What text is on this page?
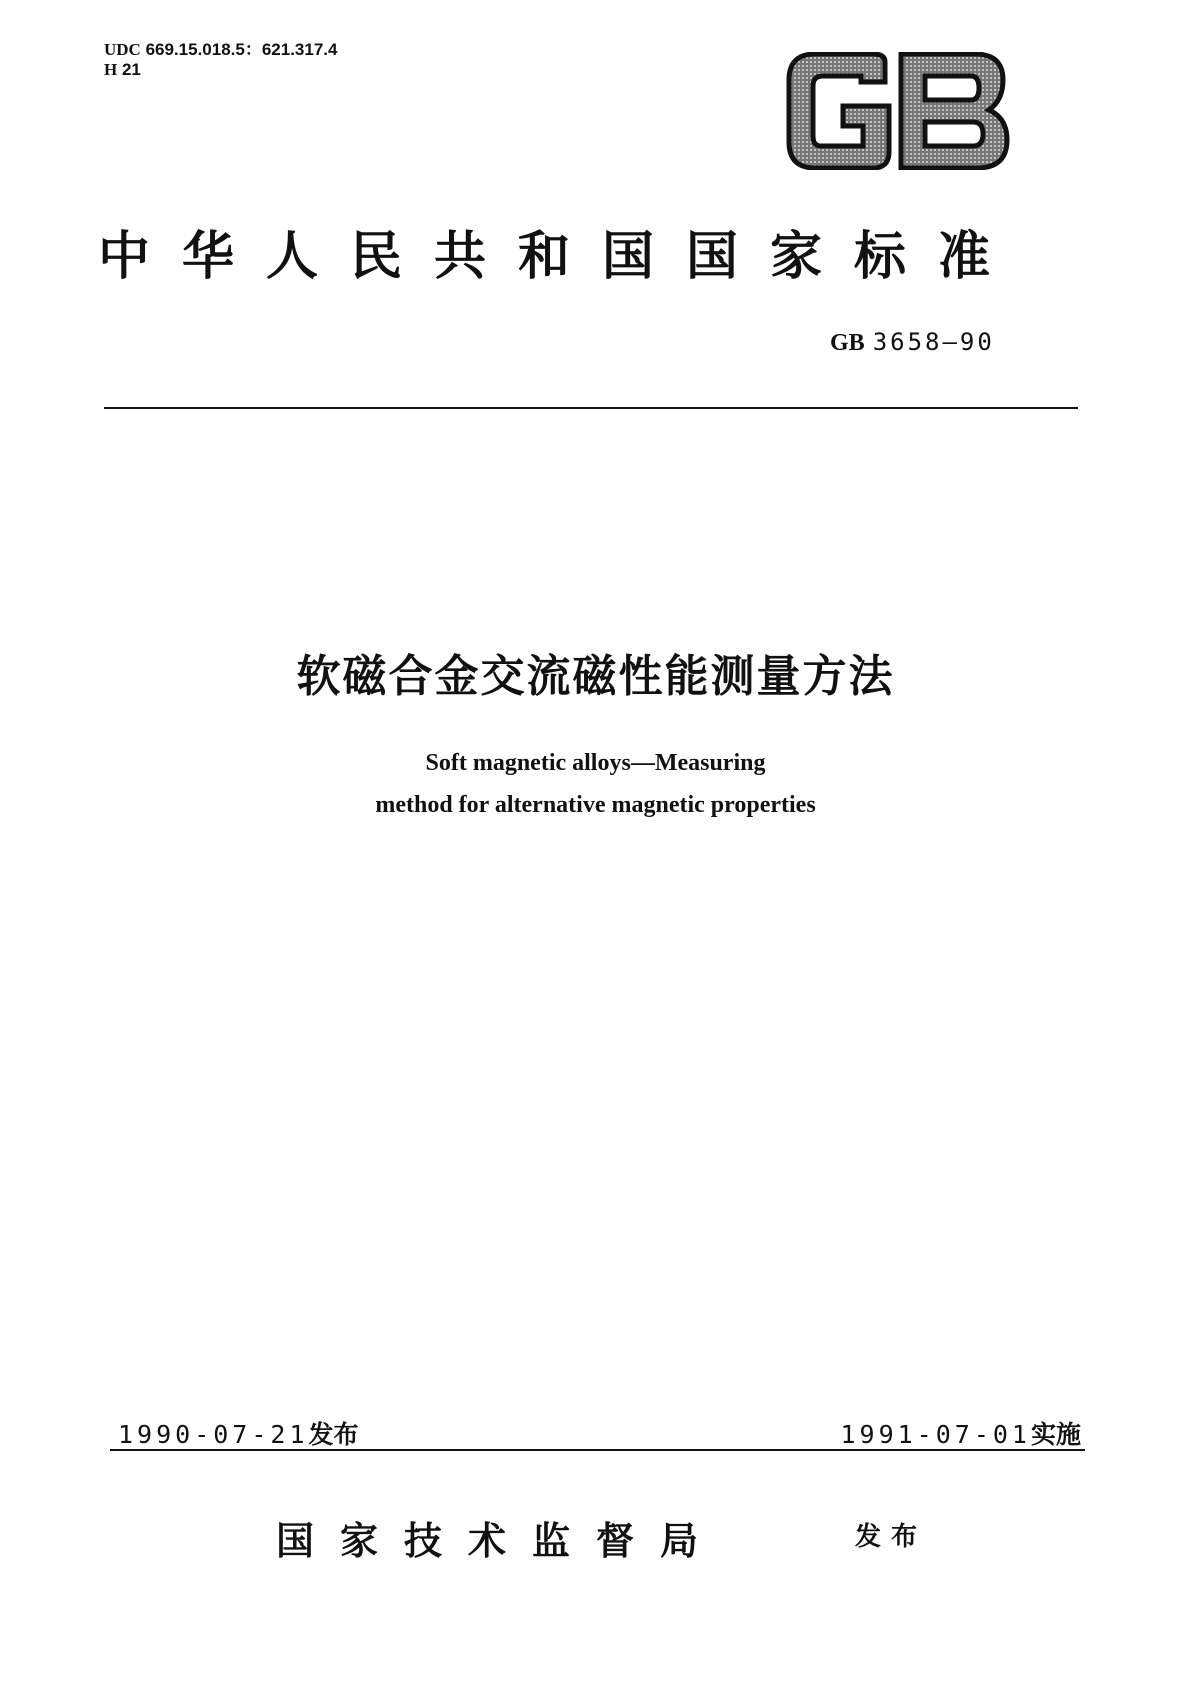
UDC 669.15.018.5：621.317.4
H 21
中华人民共和国国家标准
GB 3658—90
软磁合金交流磁性能测量方法
Soft magnetic alloys—Measuring
method for alternative magnetic properties
1990-07-21发布	1991-07-01实施
国家技术监督局	发布
